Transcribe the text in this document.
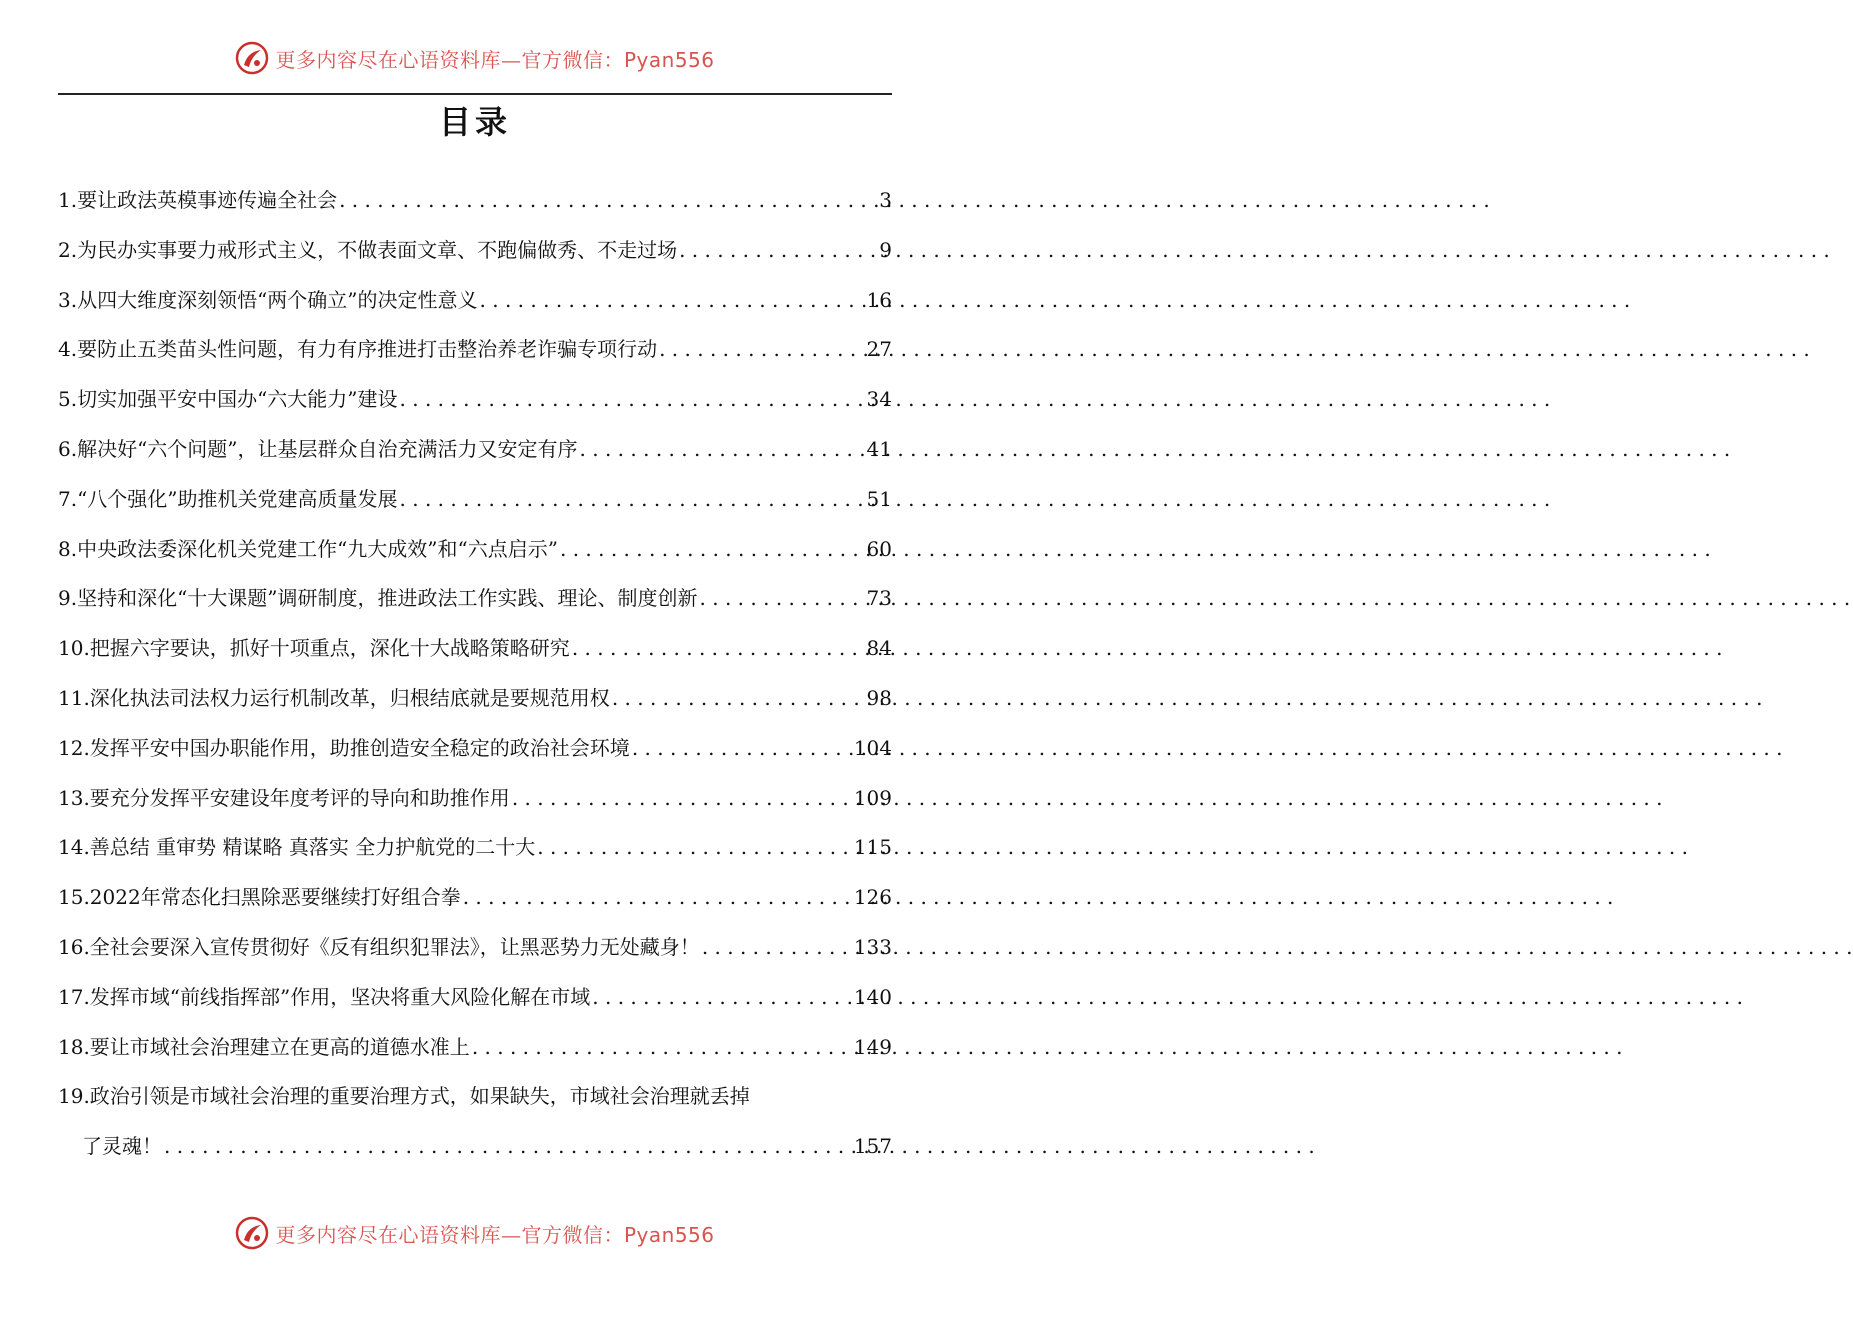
更多内容尽在心语资料库—官方微信：Pyan556
目录
1.要让政法英模事迹传遍全社会 . . .	3
2.为民办实事要力戒形式主义，不做表面文章、不跑偏做秀、不走过场 . . .	9
3.从四大维度深刻领悟“两个确立”的决定性意义 . . .	16
4.要防止五类苗头性问题，有力有序推进打击整治养老诈骗专项行动 . . .	27
5.切实加强平安中国办“六大能力”建设 . . .	34
6.解决好“六个问题”，让基层群众自治充满活力又安定有序 . . .	41
7.“八个强化”助推机关党建高质量发展 . . .	51
8.中央政法委深化机关党建工作“九大成效”和“六点启示” . . .	60
9.坚持和深化“十大课题”调研制度，推进政法工作实践、理论、制度创新 . . .	73
10.把握六字要诀，抓好十项重点，深化十大战略策略研究 . . .	84
11.深化执法司法权力运行机制改革，归根结底就是要规范用权 . . .	98
12.发挥平安中国办职能作用，助推创造安全稳定的政治社会环境 . . .	104
13.要充分发挥平安建设年度考评的导向和助推作用 . . .	109
14.善总结 重审势 精谋略 真落实 全力护航党的二十大 . . .	115
15.2022年常态化扫黑除恶要继续打好组合拳 . . .	126
16.全社会要深入宣传贯彻好《反有组织犯罪法》，让黑恶势力无处藏身！ . . .	133
17.发挥市域“前线指挥部”作用，坚决将重大风险化解在市域 . . .	140
18.要让市域社会治理建立在更高的道德水准上 . . .	149
19.政治引领是市域社会治理的重要治理方式，如果缺失，市域社会治理就丢掉
了灵魂！ . . .	157
更多内容尽在心语资料库—官方微信：Pyan556
